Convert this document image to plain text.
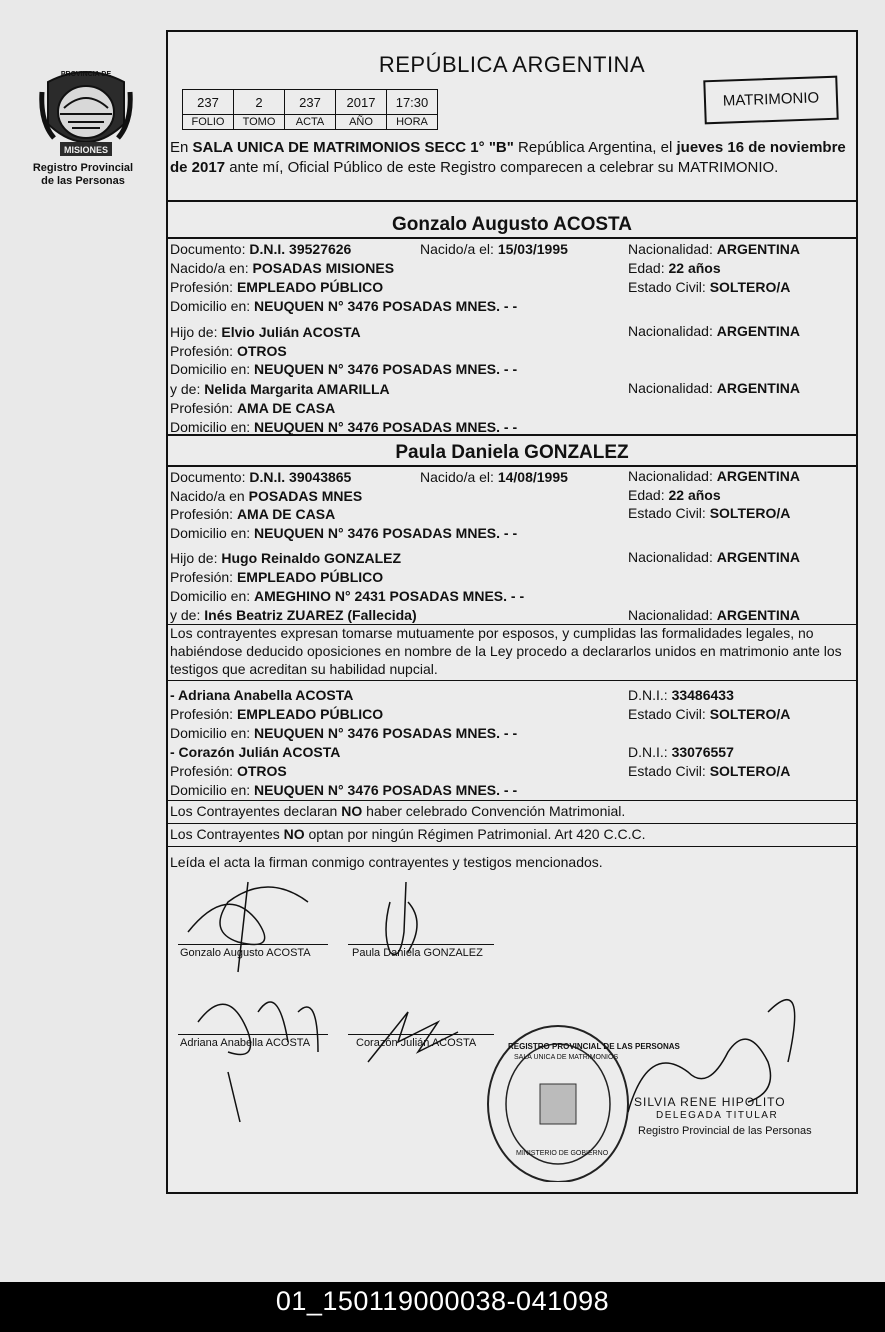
MISIONES
PROVINCIA DE
Registro Provincial
de las Personas
REPÚBLICA ARGENTINA
237	2	237	2017	17:30
FOLIO	TOMO	ACTA	AÑO	HORA
MATRIMONIO
En SALA UNICA DE MATRIMONIOS SECC 1° "B" República Argentina, el jueves 16 de noviembre de 2017 ante mí, Oficial Público de este Registro comparecen a celebrar su MATRIMONIO.
Gonzalo Augusto ACOSTA
Documento: D.N.I. 39527626	Nacido/a el: 15/03/1995	Nacionalidad: ARGENTINA
Nacido/a en: POSADAS MISIONES	Edad: 22 años
Profesión: EMPLEADO PÚBLICO	Estado Civil: SOLTERO/A
Domicilio en: NEUQUEN N° 3476 POSADAS MNES. - -
Hijo de: Elvio Julián ACOSTA	Nacionalidad: ARGENTINA
Profesión: OTROS
Domicilio en: NEUQUEN N° 3476 POSADAS MNES. - -
y de: Nelida Margarita AMARILLA	Nacionalidad: ARGENTINA
Profesión: AMA DE CASA
Domicilio en: NEUQUEN N° 3476 POSADAS MNES. - -
Paula Daniela GONZALEZ
Documento: D.N.I. 39043865	Nacido/a el: 14/08/1995	Nacionalidad: ARGENTINA
Nacido/a en POSADAS MNES	Edad: 22 años
Profesión: AMA DE CASA	Estado Civil: SOLTERO/A
Domicilio en: NEUQUEN N° 3476 POSADAS MNES. - -
Hijo de: Hugo Reinaldo GONZALEZ	Nacionalidad: ARGENTINA
Profesión: EMPLEADO PÚBLICO
Domicilio en: AMEGHINO N° 2431 POSADAS MNES. - -
y de: Inés Beatriz ZUAREZ (Fallecida)	Nacionalidad: ARGENTINA
Los contrayentes expresan tomarse mutuamente por esposos, y cumplidas las formalidades legales, no habiéndose deducido oposiciones en nombre de la Ley procedo a declararlos unidos en matrimonio ante los testigos que acreditan su habilidad nupcial.
- Adriana Anabella ACOSTA	D.N.I.: 33486433
Profesión: EMPLEADO PÚBLICO	Estado Civil: SOLTERO/A
Domicilio en: NEUQUEN N° 3476 POSADAS MNES. - -
- Corazón Julián ACOSTA	D.N.I.: 33076557
Profesión: OTROS	Estado Civil: SOLTERO/A
Domicilio en: NEUQUEN N° 3476 POSADAS MNES. - -
Los Contrayentes declaran NO haber celebrado Convención Matrimonial.
Los Contrayentes NO optan por ningún Régimen Patrimonial. Art 420 C.C.C.
Leída el acta la firman conmigo contrayentes y testigos mencionados.
Gonzalo Augusto ACOSTA	Paula Daniela GONZALEZ
Adriana Anabella ACOSTA	Corazón Julián ACOSTA	REGISTRO PROVINCIAL DE LAS PERSONAS
SALA UNICA DE MATRIMONIOS
MINISTERIO DE GOBIERNO
SILVIA RENE HIPOLITO
DELEGADA TITULAR
Registro Provincial de las Personas
01_150119000038-041098
